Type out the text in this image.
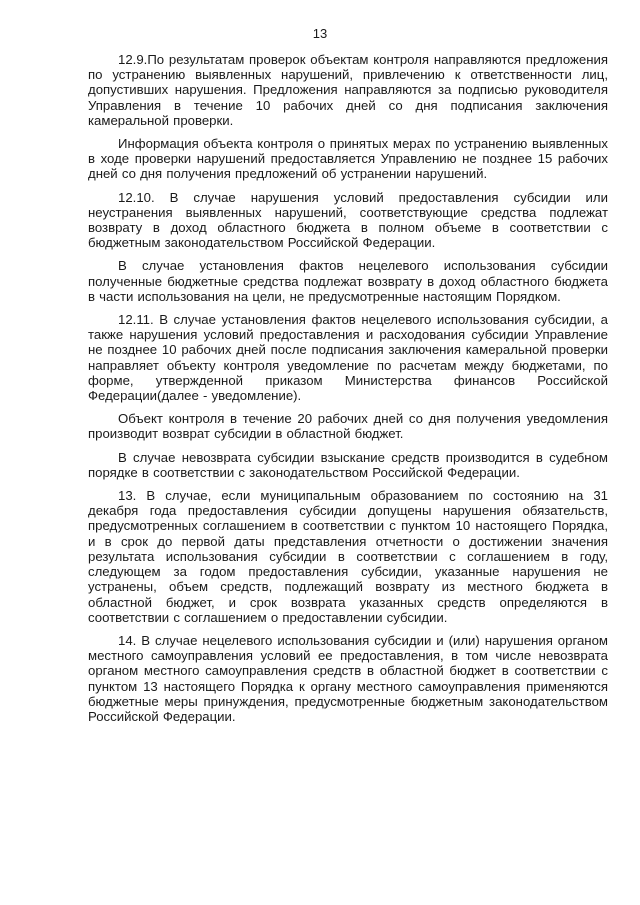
13

12.9.По результатам проверок объектам контроля направляются предложения по устранению выявленных нарушений, привлечению к ответственности лиц, допустивших нарушения. Предложения направляются за подписью руководителя Управления в течение 10 рабочих дней со дня подписания заключения камеральной проверки.

Информация объекта контроля о принятых мерах по устранению выявленных в ходе проверки нарушений предоставляется Управлению не позднее 15 рабочих дней со дня получения предложений об устранении нарушений.

12.10. В случае нарушения условий предоставления субсидии или неустранения выявленных нарушений, соответствующие средства подлежат возврату в доход областного бюджета в полном объеме в соответствии с бюджетным законодательством Российской Федерации.

В случае установления фактов нецелевого использования субсидии полученные бюджетные средства подлежат возврату в доход областного бюджета в части использования на цели, не предусмотренные настоящим Порядком.

12.11. В случае установления фактов нецелевого использования субсидии, а также нарушения условий предоставления и расходования субсидии Управление не позднее 10 рабочих дней после подписания заключения камеральной проверки направляет объекту контроля уведомление по расчетам между бюджетами, по форме, утвержденной приказом Министерства финансов Российской Федерации(далее - уведомление).

Объект контроля в течение 20 рабочих дней со дня получения уведомления производит возврат субсидии в областной бюджет.

В случае невозврата субсидии взыскание средств производится в судебном порядке в соответствии с законодательством Российской Федерации.

13. В случае, если муниципальным образованием по состоянию на 31 декабря года предоставления субсидии допущены нарушения обязательств, предусмотренных соглашением в соответствии с пунктом 10 настоящего Порядка, и в срок до первой даты представления отчетности о достижении значения результата использования субсидии в соответствии с соглашением в году, следующем за годом предоставления субсидии, указанные нарушения не устранены, объем средств, подлежащий возврату из местного бюджета в областной бюджет, и срок возврата указанных средств определяются в соответствии с соглашением о предоставлении субсидии.

14. В случае нецелевого использования субсидии и (или) нарушения органом местного самоуправления условий ее предоставления, в том числе невозврата органом местного самоуправления средств в областной бюджет в соответствии с пунктом 13 настоящего Порядка к органу местного самоуправления применяются бюджетные меры принуждения, предусмотренные бюджетным законодательством Российской Федерации.
